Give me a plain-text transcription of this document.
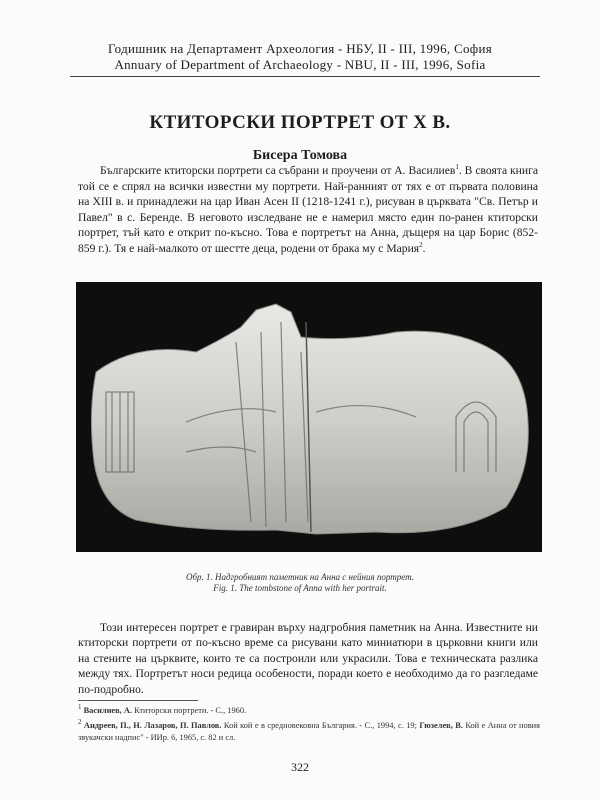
Годишник на Департамент Археология - НБУ, II - III, 1996, София
Annuary of Department of Archaeology - NBU, II - III, 1996, Sofia
КТИТОРСКИ ПОРТРЕТ ОТ X В.
Бисера Томова

Българските ктиторски портрети са събрани и проучени от А. Василиев$^1$. В своята книга той се е спрял на всички известни му портрети. Най-ранният от тях е от първата половина на XIII в. и принадлежи на цар Иван Асен II (1218-1241 г.), рисуван в църквата "Св. Петър и Павел" в с. Беренде. В неговото изследване не е намерил място един по-ранен ктиторски портрет, тъй като е открит по-късно. Това е портретът на Анна, дъщеря на цар Борис (852-859 г.). Тя е най-малкото от шестте деца, родени от брака му с Мария$^2$.

Обр. 1. Надгробният паметник на Анна с нейния портрет.
Fig. 1. The tombstone of Anna with her portrait.

Този интересен портрет е гравиран върху надгробния паметник на Анна. Известните ни ктиторски портрети от по-късно време са рисувани като миниатюри в църковни книги или на стените на църквите, които те са построили или украсили. Това е техническата разлика между тях. Портретът носи редица особености, поради което е необходимо да го разгледаме по-подробно.

$^1$ Василиев, А. Ктиторски портрети. - С., 1960.

$^2$ Андреев, П., Н. Лазаров, П. Павлов. Кой кой е в средновековна България. - С., 1994, с. 19; Гюзелев, В. Кой е Анна от новия звукачски надпис" - ИИр. 6, 1965, с. 82 и сл.

322
